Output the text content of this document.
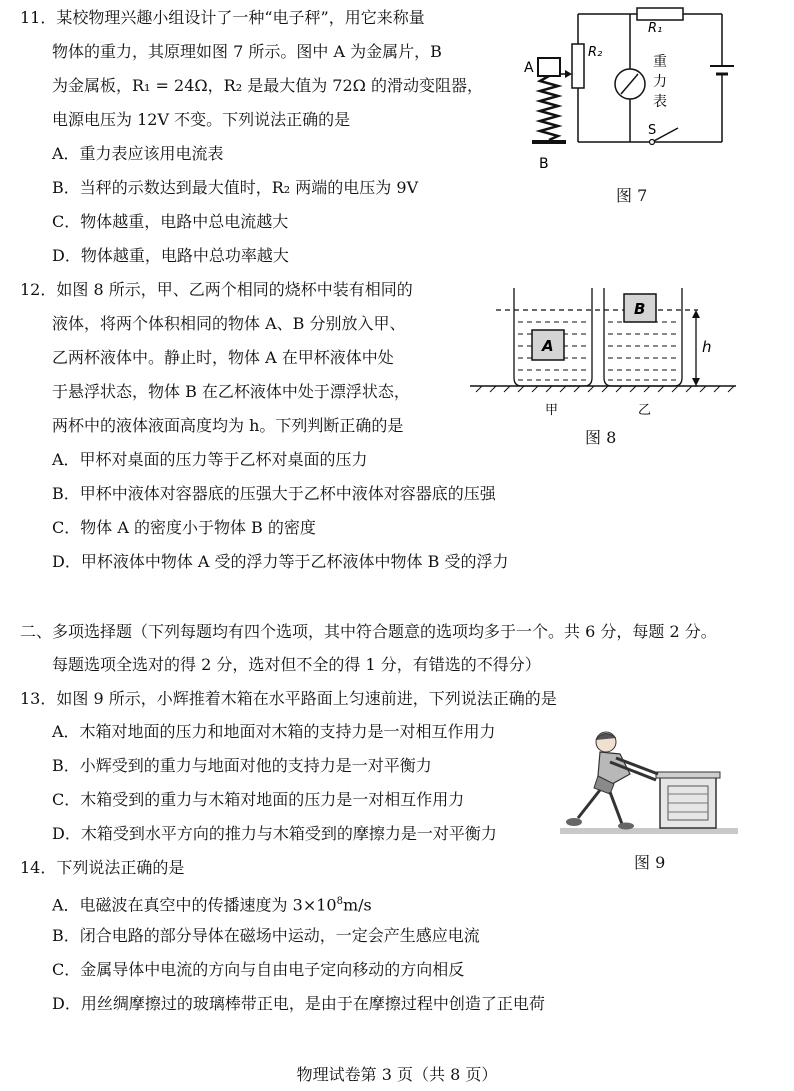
11．某校物理兴趣小组设计了一种“电子秤”，用它来称量
物体的重力，其原理如图 7 所示。图中 A 为金属片，B
为金属板，R₁ = 24Ω，R₂ 是最大值为 72Ω 的滑动变阻器，
电源电压为 12V 不变。下列说法正确的是
A．重力表应该用电流表
B．当秤的示数达到最大值时，R₂ 两端的电压为 9V
C．物体越重，电路中总电流越大
D．物体越重，电路中总功率越大
R₁
R₂
A
B
S
重
力
表
图 7
12．如图 8 所示，甲、乙两个相同的烧杯中装有相同的
液体，将两个体积相同的物体 A、B 分别放入甲、
乙两杯液体中。静止时，物体 A 在甲杯液体中处
于悬浮状态，物体 B 在乙杯液体中处于漂浮状态，
两杯中的液体液面高度均为 h。下列判断正确的是
A．甲杯对桌面的压力等于乙杯对桌面的压力
B．甲杯中液体对容器底的压强大于乙杯中液体对容器底的压强
C．物体 A 的密度小于物体 B 的密度
D．甲杯液体中物体 A 受的浮力等于乙杯液体中物体 B 受的浮力
A
B
h
甲	乙
图 8
二、多项选择题（下列每题均有四个选项，其中符合题意的选项均多于一个。共 6 分，每题 2 分。
每题选项全选对的得 2 分，选对但不全的得 1 分，有错选的不得分）
13．如图 9 所示，小辉推着木箱在水平路面上匀速前进，下列说法正确的是
A．木箱对地面的压力和地面对木箱的支持力是一对相互作用力
B．小辉受到的重力与地面对他的支持力是一对平衡力
C．木箱受到的重力与木箱对地面的压力是一对相互作用力
D．木箱受到水平方向的推力与木箱受到的摩擦力是一对平衡力
图 9
14．下列说法正确的是
A．电磁波在真空中的传播速度为 $3\times 10^8m/s$
B．闭合电路的部分导体在磁场中运动，一定会产生感应电流
C．金属导体中电流的方向与自由电子定向移动的方向相反
D．用丝绸摩擦过的玻璃棒带正电，是由于在摩擦过程中创造了正电荷
物理试卷第 3 页（共 8 页）
